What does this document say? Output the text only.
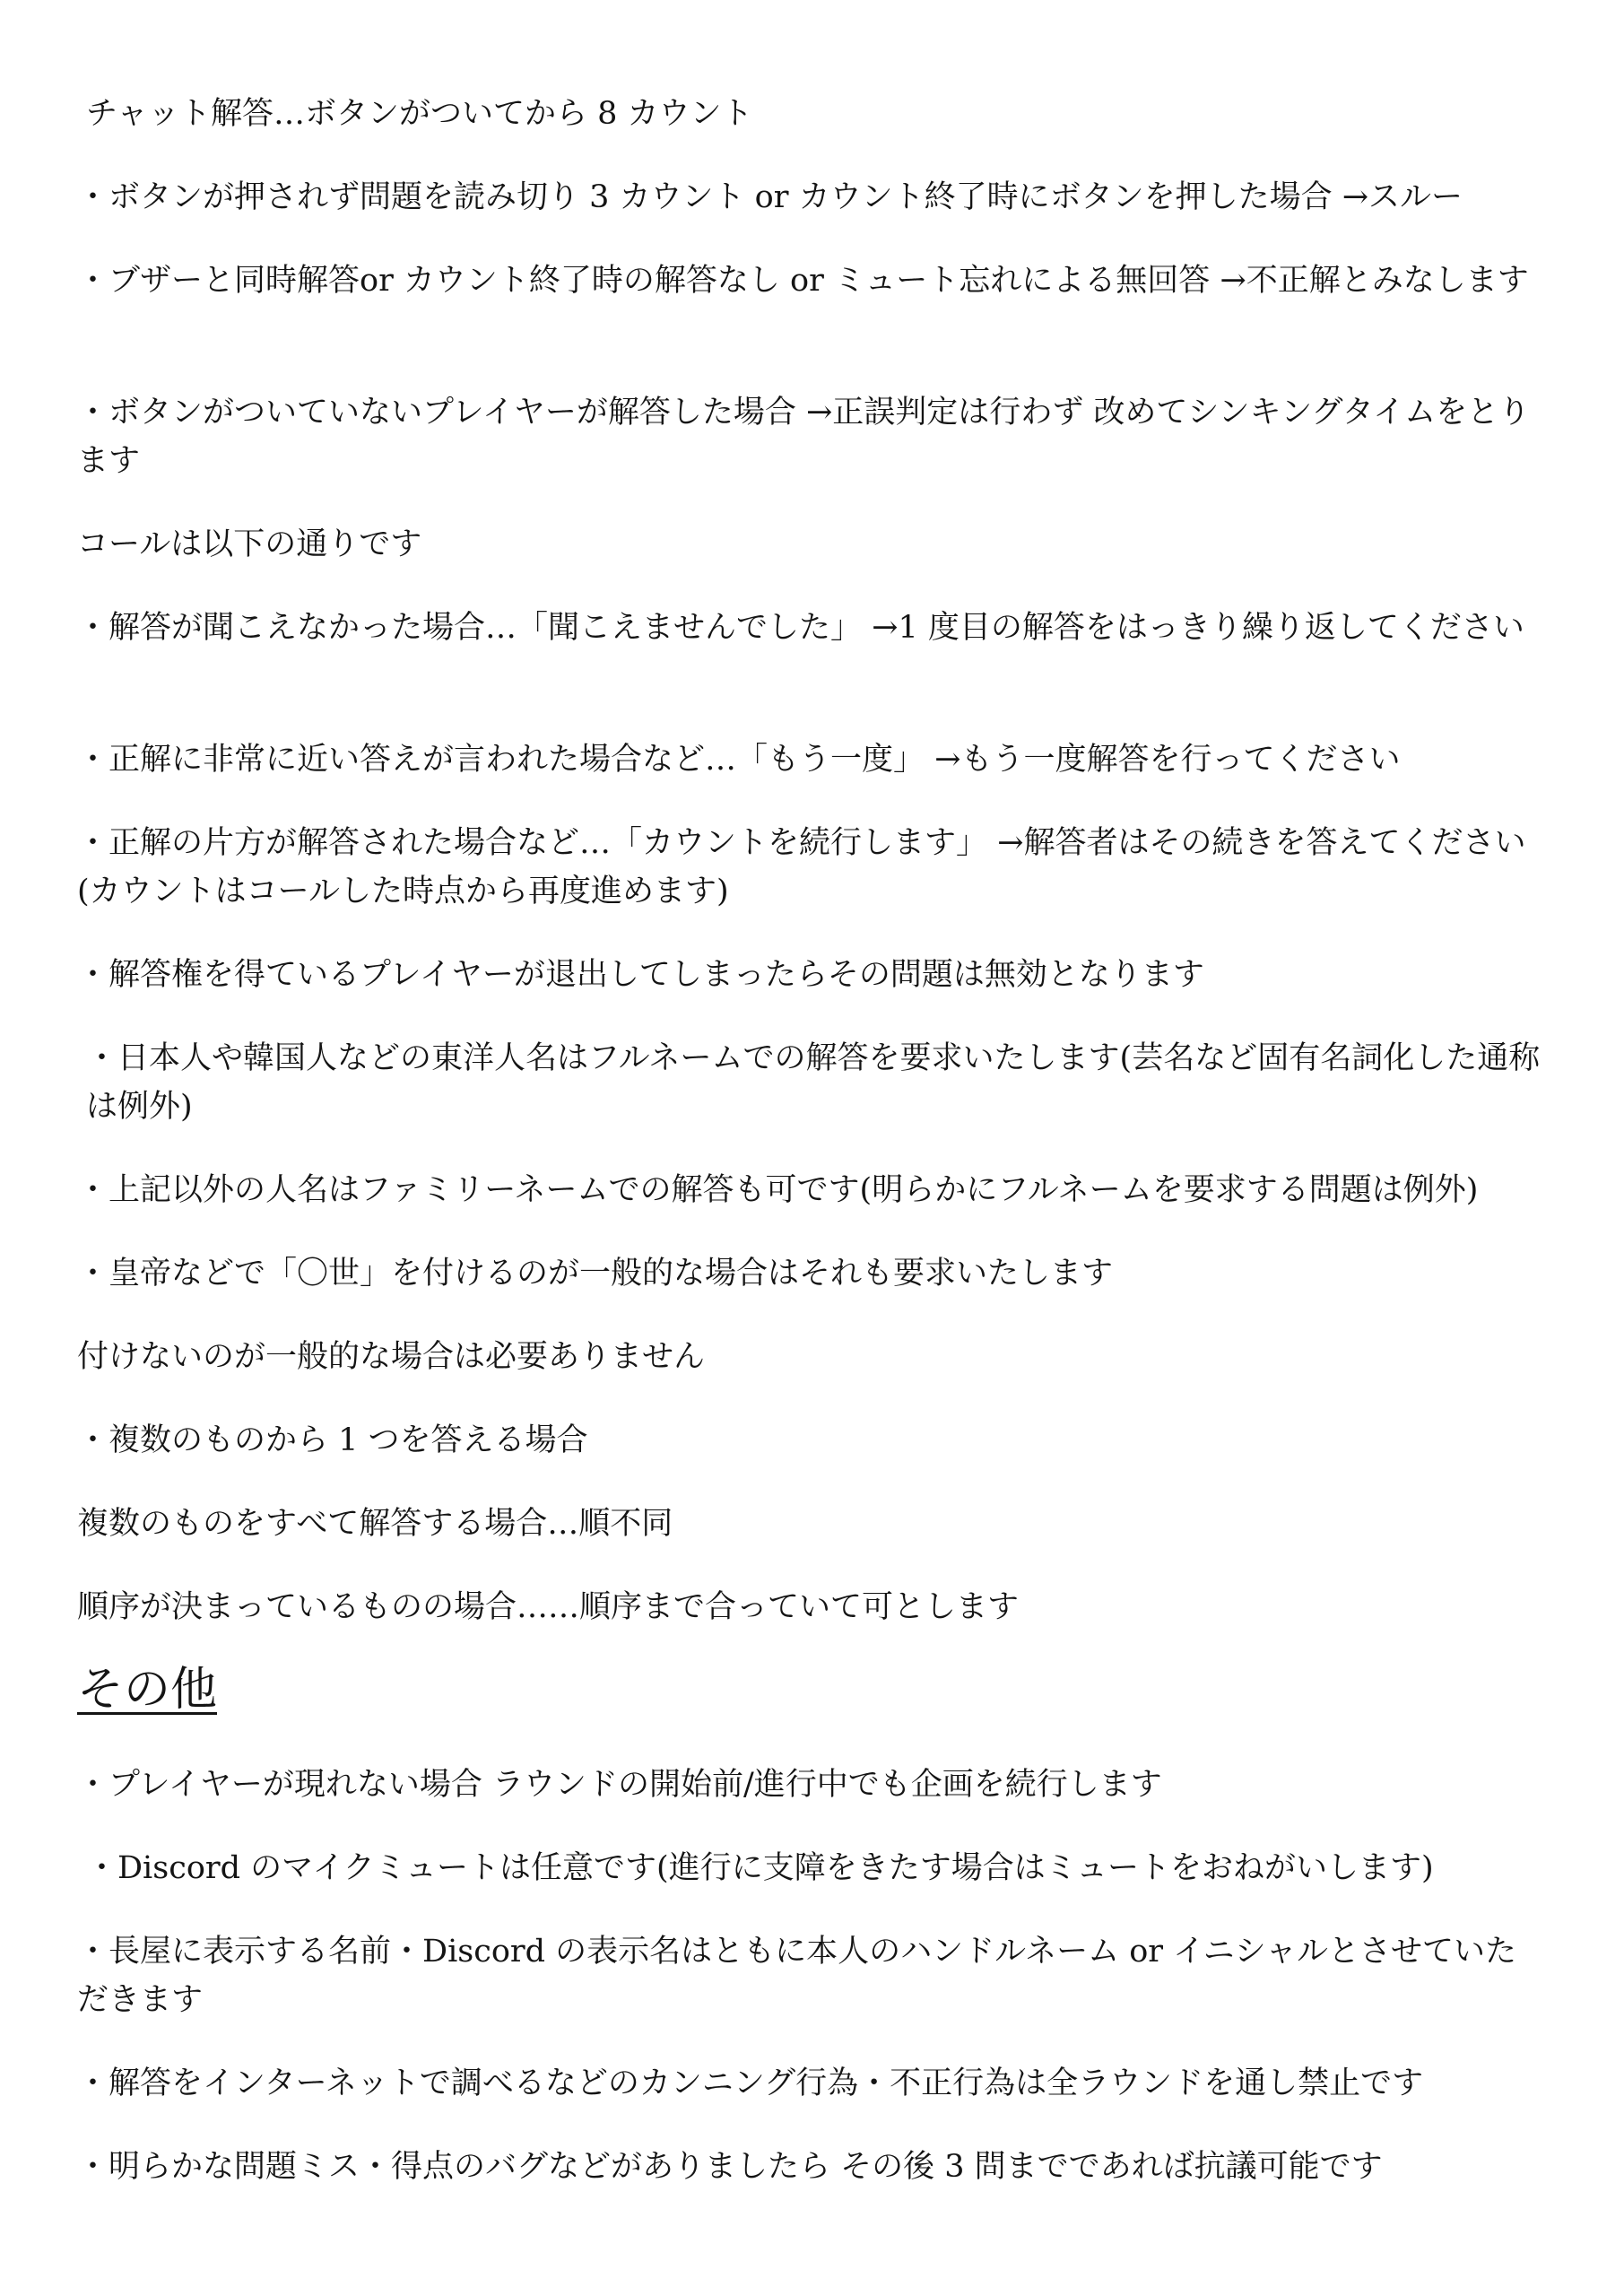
チャット解答…ボタンがついてから 8 カウント

・ボタンが押されず問題を読み切り 3 カウント or カウント終了時にボタンを押した場合 →スルー

・ブザーと同時解答or カウント終了時の解答なし or ミュート忘れによる無回答 →不正解とみなします

・ボタンがついていないプレイヤーが解答した場合 →正誤判定は行わず 改めてシンキングタイムをとります

コールは以下の通りです

・解答が聞こえなかった場合…「聞こえませんでした」 →1 度目の解答をはっきり繰り返してください

・正解に非常に近い答えが言われた場合など…「もう一度」 →もう一度解答を行ってください

・正解の片方が解答された場合など…「カウントを続行します」 →解答者はその続きを答えてください (カウントはコールした時点から再度進めます)

・解答権を得ているプレイヤーが退出してしまったらその問題は無効となります

・日本人や韓国人などの東洋人名はフルネームでの解答を要求いたします(芸名など固有名詞化した通称は例外)

・上記以外の人名はファミリーネームでの解答も可です(明らかにフルネームを要求する問題は例外)

・皇帝などで「〇世」を付けるのが一般的な場合はそれも要求いたします

付けないのが一般的な場合は必要ありません

・複数のものから 1 つを答える場合

複数のものをすべて解答する場合…順不同

順序が決まっているものの場合……順序まで合っていて可とします

その他

・プレイヤーが現れない場合 ラウンドの開始前/進行中でも企画を続行します

・Discord のマイクミュートは任意です(進行に支障をきたす場合はミュートをおねがいします)

・長屋に表示する名前・Discord の表示名はともに本人のハンドルネーム or イニシャルとさせていただきます

・解答をインターネットで調べるなどのカンニング行為・不正行為は全ラウンドを通し禁止です

・明らかな問題ミス・得点のバグなどがありましたら その後 3 問までであれば抗議可能です
